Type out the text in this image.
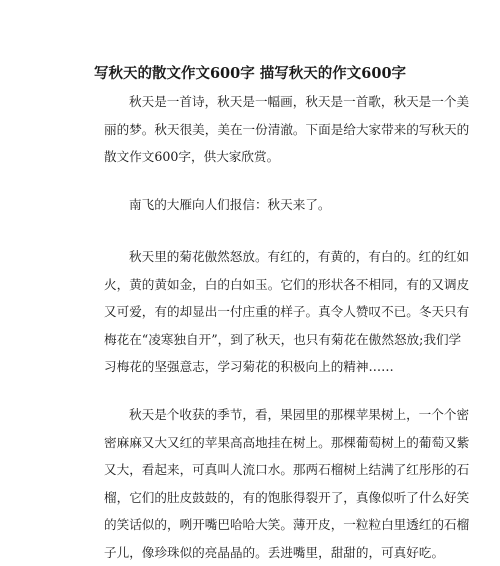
写秋天的散文作文600字 描写秋天的作文600字
秋天是一首诗，秋天是一幅画，秋天是一首歌，秋天是一个美
丽的梦。秋天很美，美在一份清澈。下面是给大家带来的写秋天的
散文作文600字，供大家欣赏。
南飞的大雁向人们报信：秋天来了。
秋天里的菊花傲然怒放。有红的，有黄的，有白的。红的红如
火，黄的黄如金，白的白如玉。它们的形状各不相同，有的又调皮
又可爱，有的却显出一付庄重的样子。真令人赞叹不已。冬天只有
梅花在“凌寒独自开”，到了秋天，也只有菊花在傲然怒放;我们学
习梅花的坚强意志，学习菊花的积极向上的精神……
秋天是个收获的季节，看，果园里的那棵苹果树上，一个个密
密麻麻又大又红的苹果高高地挂在树上。那棵葡萄树上的葡萄又紫
又大，看起来，可真叫人流口水。那两石榴树上结满了红彤彤的石
榴，它们的肚皮鼓鼓的，有的饱胀得裂开了，真像似听了什么好笑
的笑话似的，咧开嘴巴哈哈大笑。薄开皮，一粒粒白里透红的石榴
子儿，像珍珠似的亮晶晶的。丢进嘴里，甜甜的，可真好吃。
